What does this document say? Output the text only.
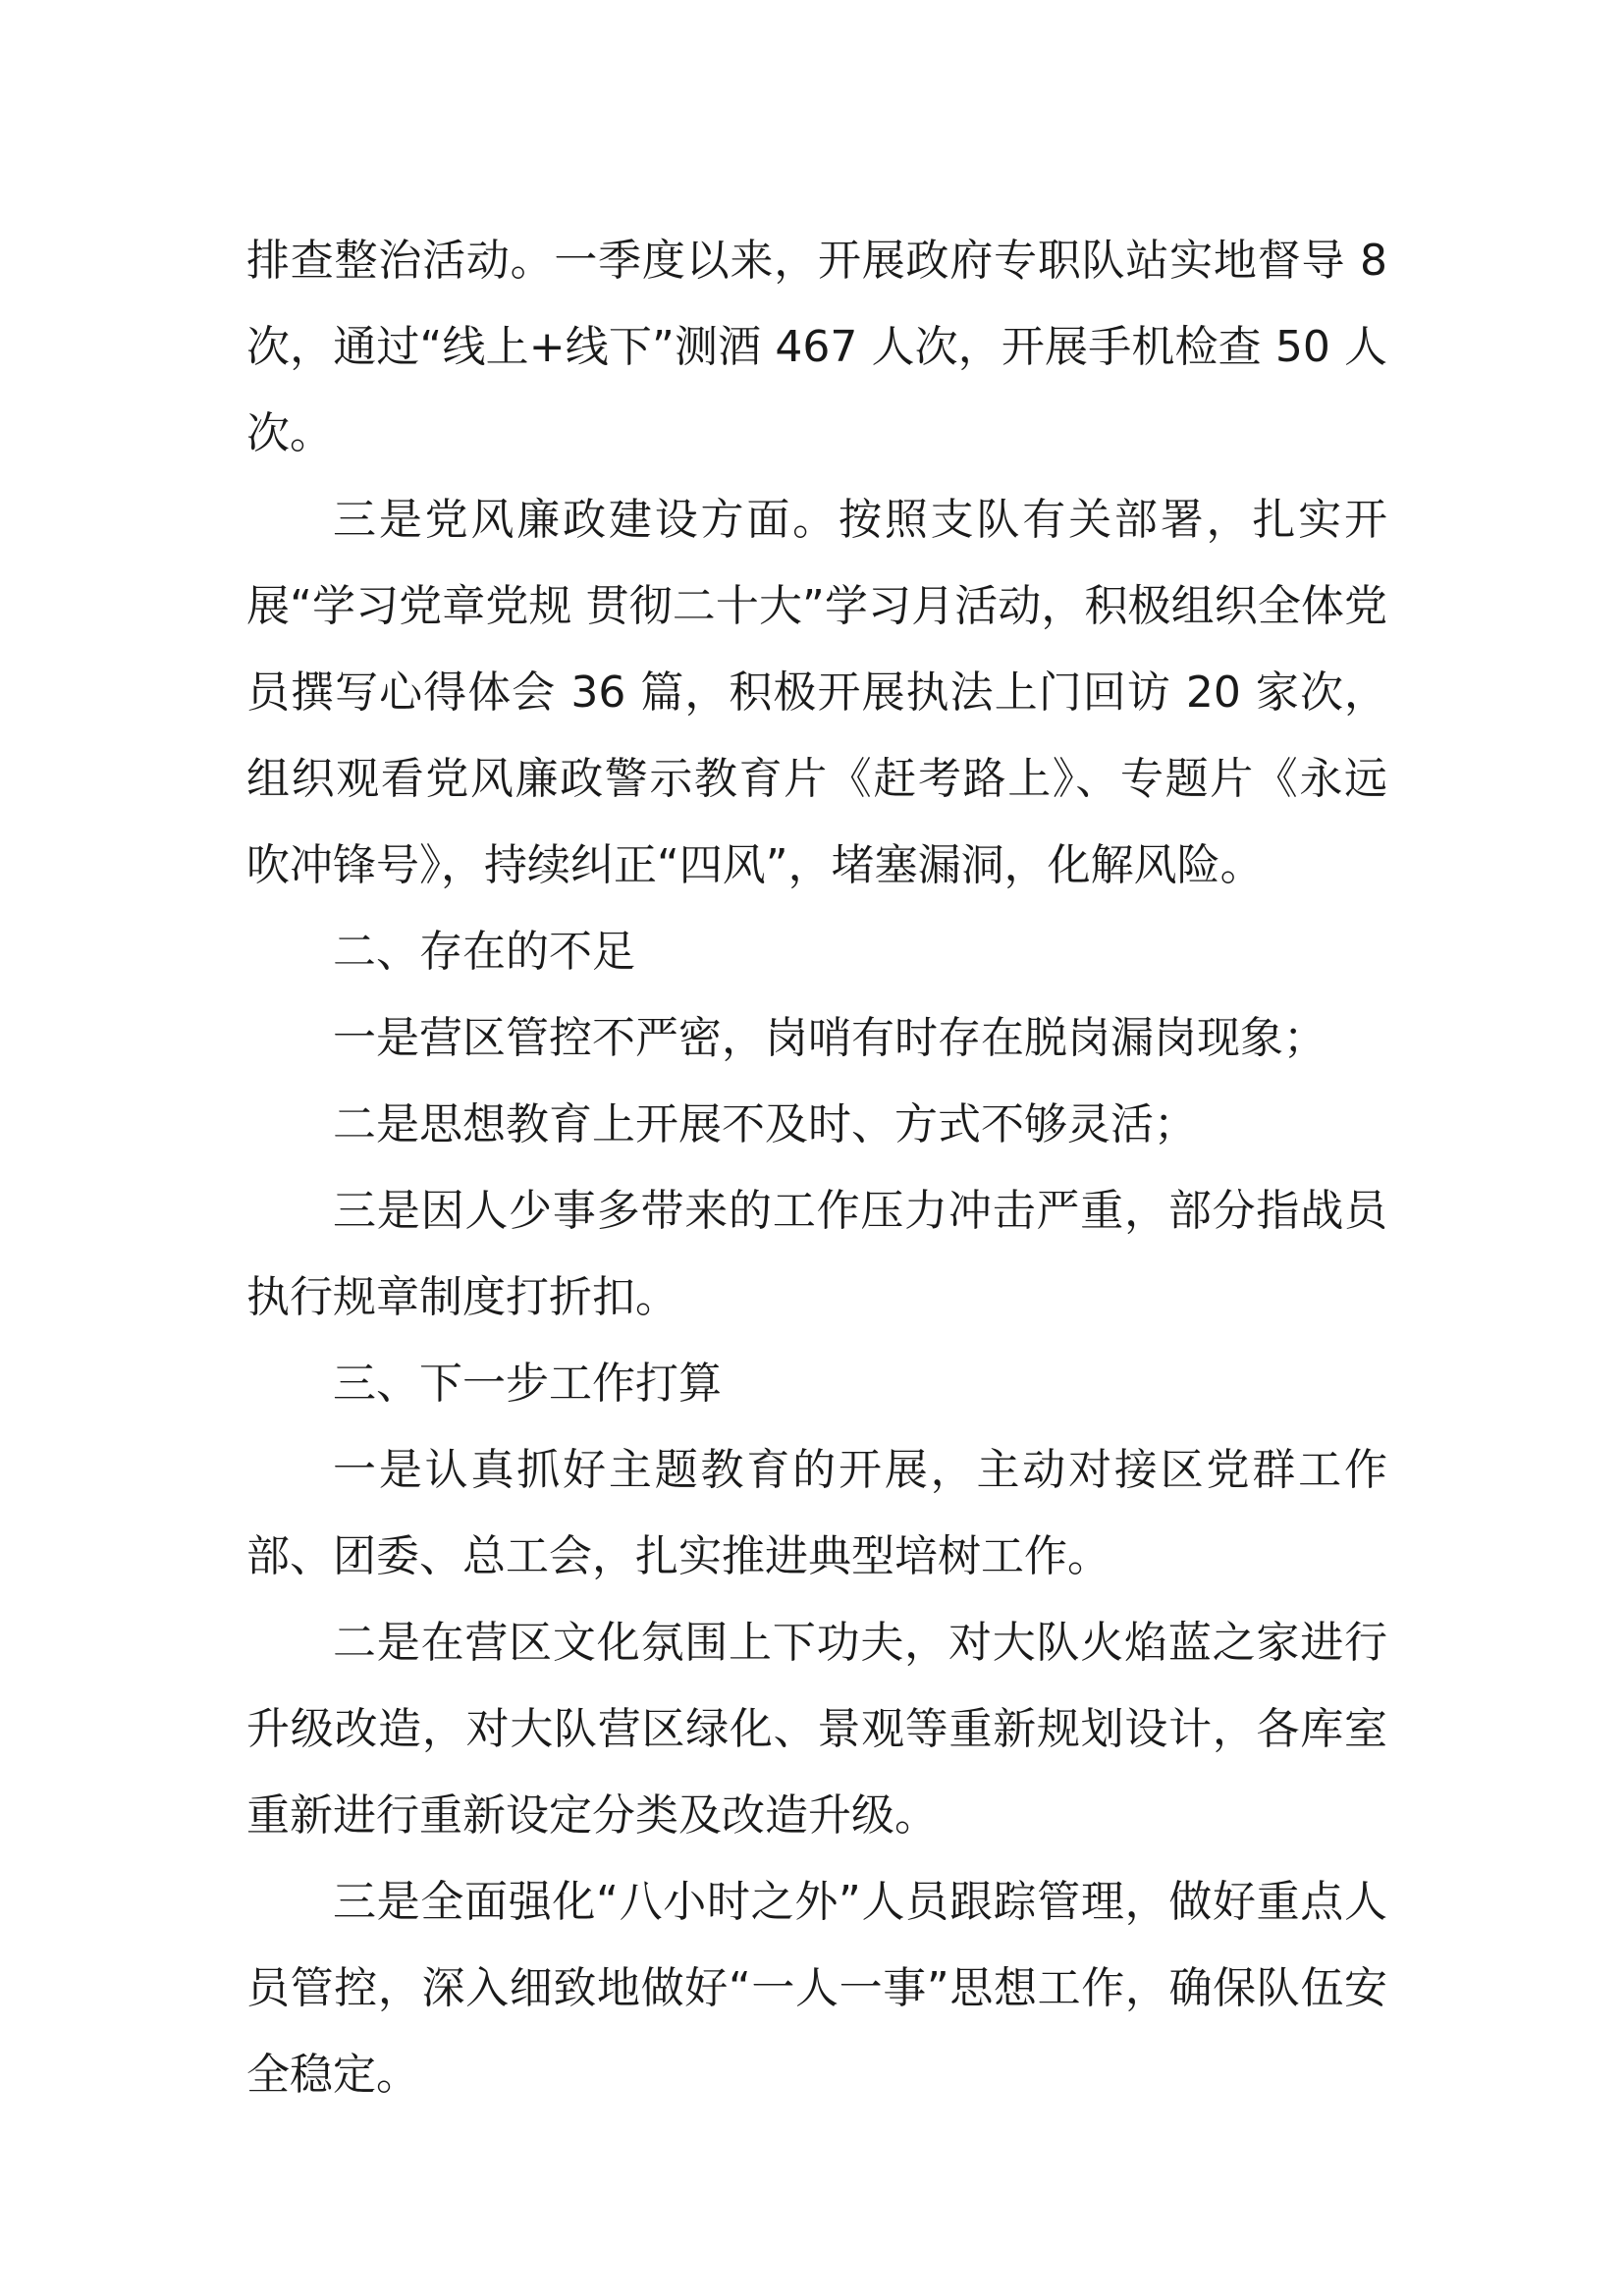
排查整治活动。一季度以来，开展政府专职队站实地督导 8 次，通过“线上+线下”测酒 467 人次，开展手机检查 50 人次。

三是党风廉政建设方面。按照支队有关部署，扎实开展“学习党章党规 贯彻二十大”学习月活动，积极组织全体党员撰写心得体会 36 篇，积极开展执法上门回访 20 家次，组织观看党风廉政警示教育片《赶考路上》、专题片《永远吹冲锋号》，持续纠正“四风”，堵塞漏洞，化解风险。

二、存在的不足

一是营区管控不严密，岗哨有时存在脱岗漏岗现象；

二是思想教育上开展不及时、方式不够灵活；

三是因人少事多带来的工作压力冲击严重，部分指战员执行规章制度打折扣。

三、下一步工作打算

一是认真抓好主题教育的开展，主动对接区党群工作部、团委、总工会，扎实推进典型培树工作。

二是在营区文化氛围上下功夫，对大队火焰蓝之家进行升级改造，对大队营区绿化、景观等重新规划设计，各库室重新进行重新设定分类及改造升级。

三是全面强化“八小时之外”人员跟踪管理，做好重点人员管控，深入细致地做好“一人一事”思想工作，确保队伍安全稳定。
